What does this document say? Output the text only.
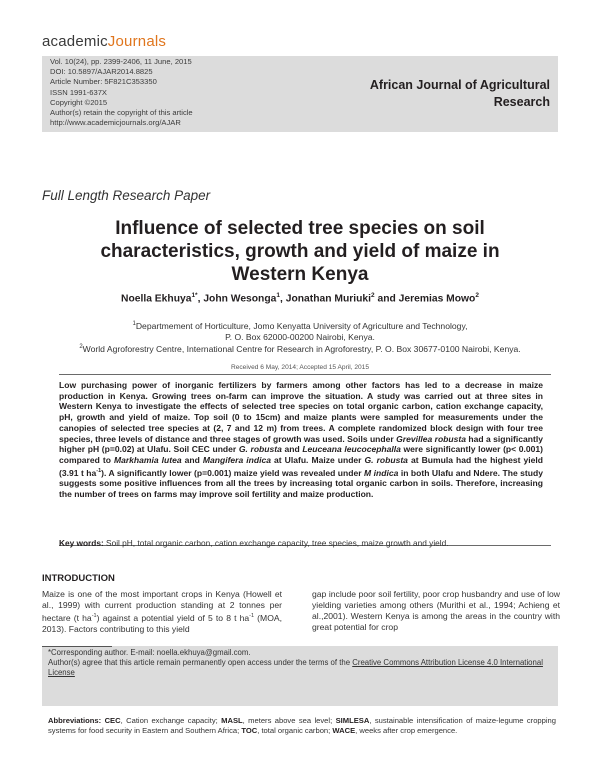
academicJournals
Vol. 10(24), pp. 2399-2406, 11 June, 2015
DOI: 10.5897/AJAR2014.8825
Article Number: 5F821C353350
ISSN 1991-637X
Copyright ©2015
Author(s) retain the copyright of this article
http://www.academicjournals.org/AJAR
African Journal of Agricultural
Research
Full Length Research Paper
Influence of selected tree species on soil
characteristics, growth and yield of maize in
Western Kenya
Noella Ekhuya$^{1*}$, John Wesonga$^1$, Jonathan Muriuki$^2$ and Jeremias Mowo$^2$
$^1$Departmement of Horticulture, Jomo Kenyatta University of Agriculture and Technology,
P. O. Box 62000-00200 Nairobi, Kenya.
$^2$World Agroforestry Centre, International Centre for Research in Agroforestry, P. O. Box 30677-0100 Nairobi, Kenya.
Received 6 May, 2014; Accepted 15 April, 2015
Low purchasing power of inorganic fertilizers by farmers among other factors has led to a decrease in maize production in Kenya. Growing trees on-farm can improve the situation. A study was carried out at three sites in Western Kenya to investigate the effects of selected tree species on total organic carbon, cation exchange capacity, pH, growth and yield of maize. Top soil (0 to 15cm) and maize plants were sampled for measurements under the canopies of selected tree species at (2, 7 and 12 m) from trees. A complete randomized block design with four tree species, three levels of distance and three stages of growth was used. Soils under Grevillea robusta had a significantly higher pH (p=0.02) at Ulafu. Soil CEC under G. robusta and Leuceana leucocephalla were significantly lower (p< 0.001) compared to Markhamia lutea and Mangifera indica at Ulafu. Maize under G. robusta at Bumula had the highest yield (3.91 t $ha^{-1}$). A significantly lower (p=0.001) maize yield was revealed under M indica in both Ulafu and Ndere. The study suggests some positive influences from all the trees by increasing total organic carbon in soils. Therefore, increasing the number of trees on farms may improve soil fertility and maize production.
Key words: Soil pH, total organic carbon, cation exchange capacity, tree species, maize growth and yield.
INTRODUCTION
Maize is one of the most important crops in Kenya (Howell et al., 1999) with current production standing at 2 tonnes per hectare (t $ha^{-1}$) against a potential yield of 5 to 8 t $ha^{-1}$ (MOA, 2013). Factors contributing to this yield
gap include poor soil fertility, poor crop husbandry and use of low yielding varieties among others (Murithi et al., 1994; Achieng et al.,2001). Western Kenya is among the areas in the country with great potential for crop
*Corresponding author. E-mail: noella.ekhuya@gmail.com.
Author(s) agree that this article remain permanently open access under the terms of the Creative Commons Attribution License 4.0 International License
Abbreviations: CEC, Cation exchange capacity; MASL, meters above sea level; SIMLESA, sustainable intensification of maize-legume cropping systems for food security in Eastern and Southern Africa; TOC, total organic carbon; WACE, weeks after crop emergence.
